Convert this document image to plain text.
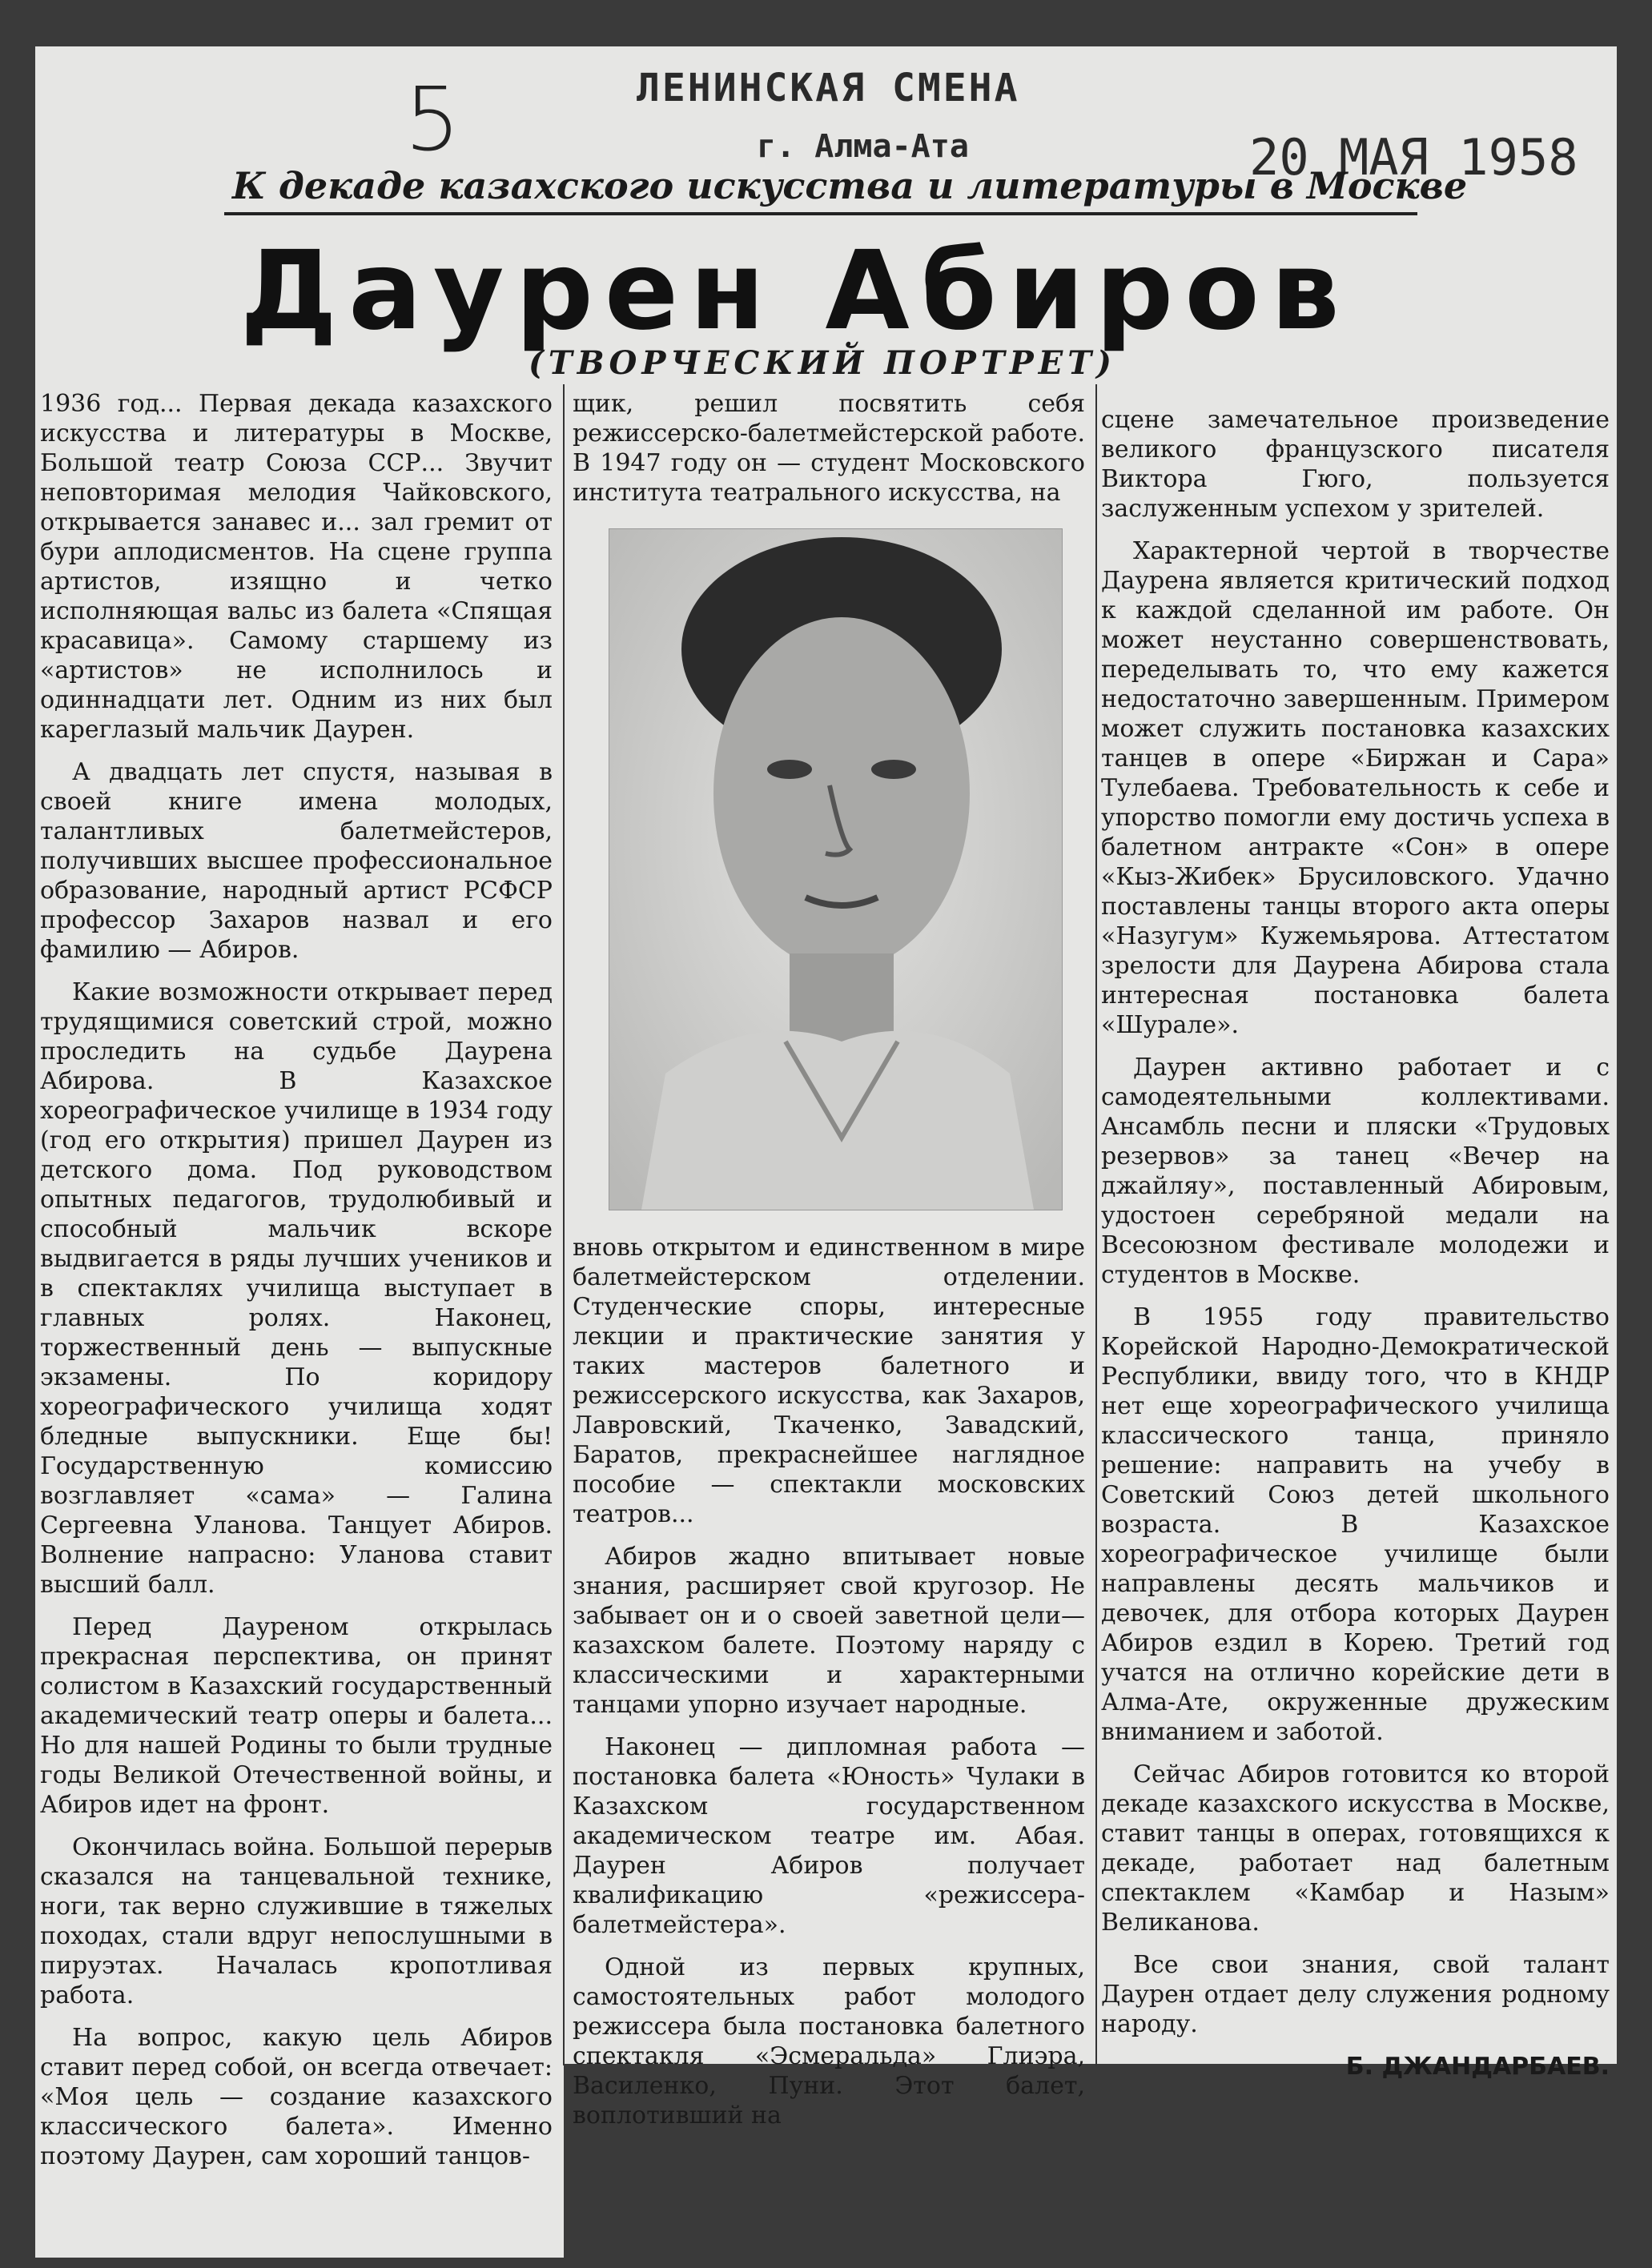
5	ЛЕНИНСКАЯ СМЕНА
г. Алма-Ата	20 МАЯ 1958
К декаде казахского искусства и литературы в Москве
Даурен Абиров
(ТВОРЧЕСКИЙ ПОРТРЕТ)

1936 год... Первая декада казахского искусства и литературы в Москве, Большой театр Союза ССР... Звучит неповторимая мелодия Чайковского, открывается занавес и... зал гремит от бури аплодисментов. На сцене группа артистов, изящно и четко исполняющая вальс из балета «Спящая красавица». Самому старшему из «артистов» не исполнилось и одиннадцати лет. Одним из них был кареглазый мальчик Даурен.

А двадцать лет спустя, называя в своей книге имена молодых, талантливых балетмейстеров, получивших высшее профессиональное образование, народный артист РСФСР профессор Захаров назвал и его фамилию — Абиров.

Какие возможности открывает перед трудящимися советский строй, можно проследить на судьбе Даурена Абирова. В Казахское хореографическое училище в 1934 году (год его открытия) пришел Даурен из детского дома. Под руководством опытных педагогов, трудолюбивый и способный мальчик вскоре выдвигается в ряды лучших учеников и в спектаклях училища выступает в главных ролях. Наконец, торжественный день — выпускные экзамены. По коридору хореографического училища ходят бледные выпускники. Еще бы! Государственную комиссию возглавляет «сама» — Галина Сергеевна Уланова. Танцует Абиров. Волнение напрасно: Уланова ставит высший балл.

Перед Дауреном открылась прекрасная перспектива, он принят солистом в Казахский государственный академический театр оперы и балета... Но для нашей Родины то были трудные годы Великой Отечественной войны, и Абиров идет на фронт.

Окончилась война. Большой перерыв сказался на танцевальной технике, ноги, так верно служившие в тяжелых походах, стали вдруг непослушными в пируэтах. Началась кропотливая работа.

На вопрос, какую цель Абиров ставит перед собой, он всегда отвечает: «Моя цель — создание казахского классического балета». Именно поэтому Даурен, сам хороший танцов-

щик, решил посвятить себя режиссерско-балетмейстерской работе. В 1947 году он — студент Московского института театрального искусства, на

вновь открытом и единственном в мире балетмейстерском отделении. Студенческие споры, интересные лекции и практические занятия у таких мастеров балетного и режиссерского искусства, как Захаров, Лавровский, Ткаченко, Завадский, Баратов, прекраснейшее наглядное пособие — спектакли московских театров...

Абиров жадно впитывает новые знания, расширяет свой кругозор. Не забывает он и о своей заветной цели—казахском балете. Поэтому наряду с классическими и характерными танцами упорно изучает народные.

Наконец — дипломная работа — постановка балета «Юность» Чулаки в Казахском государственном академическом театре им. Абая. Даурен Абиров получает квалификацию «режиссера-балетмейстера».

Одной из первых крупных, самостоятельных работ молодого режиссера была постановка балетного спектакля «Эсмеральда» Глиэра, Василенко, Пуни. Этот балет, воплотивший на

сцене замечательное произведение великого французского писателя Виктора Гюго, пользуется заслуженным успехом у зрителей.

Характерной чертой в творчестве Даурена является критический подход к каждой сделанной им работе. Он может неустанно совершенствовать, переделывать то, что ему кажется недостаточно завершенным. Примером может служить постановка казахских танцев в опере «Биржан и Сара» Тулебаева. Требовательность к себе и упорство помогли ему достичь успеха в балетном антракте «Сон» в опере «Кыз-Жибек» Брусиловского. Удачно поставлены танцы второго акта оперы «Назугум» Кужемьярова. Аттестатом зрелости для Даурена Абирова стала интересная постановка балета «Шурале».

Даурен активно работает и с самодеятельными коллективами. Ансамбль песни и пляски «Трудовых резервов» за танец «Вечер на джайляу», поставленный Абировым, удостоен серебряной медали на Всесоюзном фестивале молодежи и студентов в Москве.

В 1955 году правительство Корейской Народно-Демократической Республики, ввиду того, что в КНДР нет еще хореографического училища классического танца, приняло решение: направить на учебу в Советский Союз детей школьного возраста. В Казахское хореографическое училище были направлены десять мальчиков и девочек, для отбора которых Даурен Абиров ездил в Корею. Третий год учатся на отлично корейские дети в Алма-Ате, окруженные дружеским вниманием и заботой.

Сейчас Абиров готовится ко второй декаде казахского искусства в Москве, ставит танцы в операх, готовящихся к декаде, работает над балетным спектаклем «Камбар и Назым» Великанова.

Все свои знания, свой талант Даурен отдает делу служения родному народу.

Б. ДЖАНДАРБАЕВ.
